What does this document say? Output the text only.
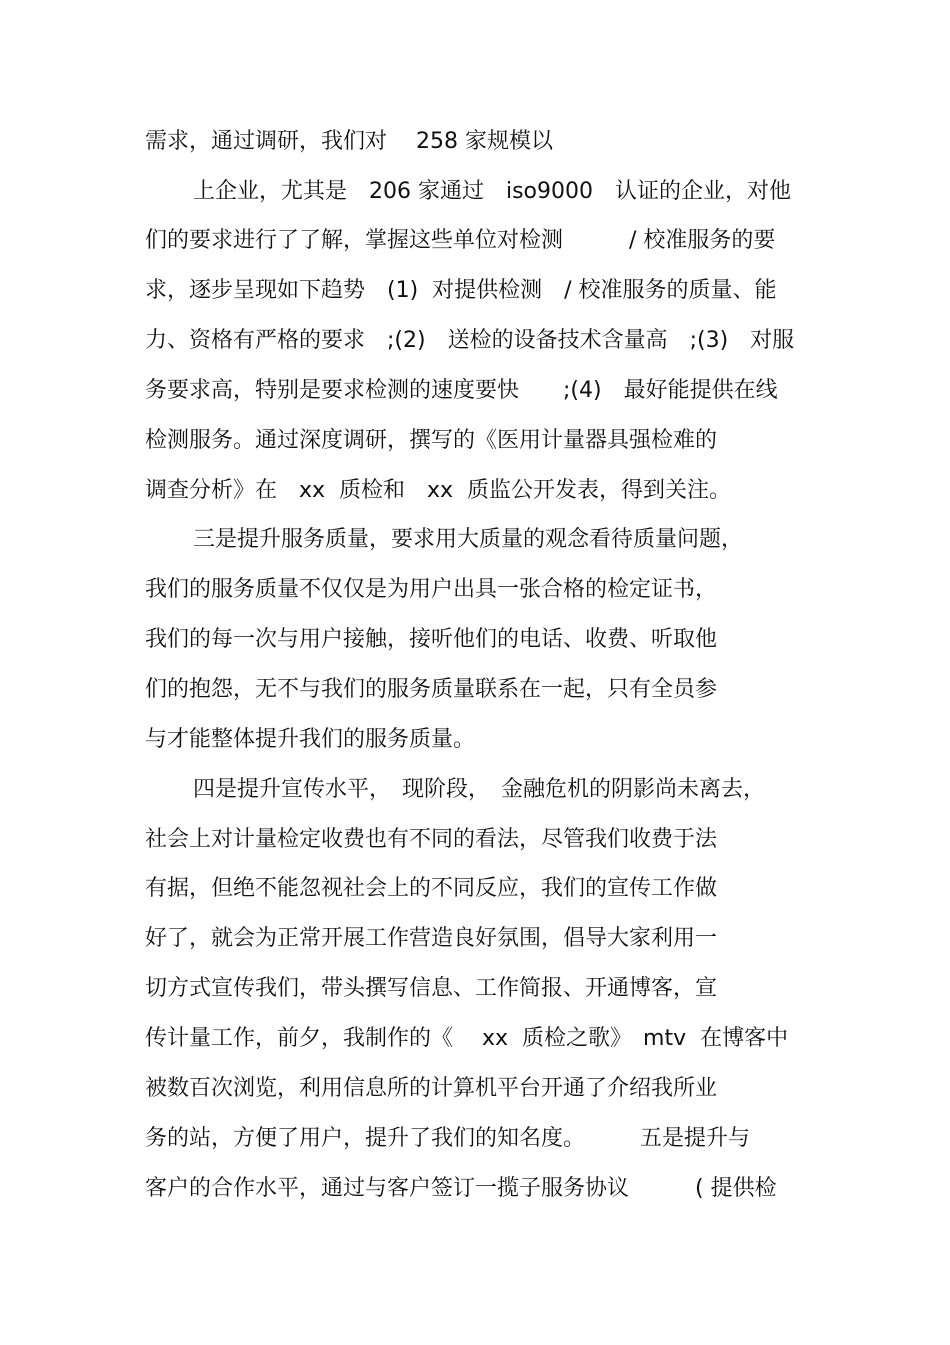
需求，通过调研，我们对　 258 家规模以
上企业，尤其是　206 家通过　iso9000　认证的企业，对他
们的要求进行了了解，掌握这些单位对检测　　　/ 校准服务的要
求，逐步呈现如下趋势　(1)  对提供检测　/ 校准服务的质量、能
力、资格有严格的要求　;(2)　送检的设备技术含量高　;(3)　对服
务要求高，特别是要求检测的速度要快　　;(4)　最好能提供在线
检测服务。通过深度调研，撰写的《医用计量器具强检难的
调查分析》在　xx  质检和　xx  质监公开发表，得到关注。
三是提升服务质量，要求用大质量的观念看待质量问题，
我们的服务质量不仅仅是为用户出具一张合格的检定证书，
我们的每一次与用户接触，接听他们的电话、收费、听取他
们的抱怨，无不与我们的服务质量联系在一起，只有全员参
与才能整体提升我们的服务质量。
四是提升宣传水平，　现阶段，　金融危机的阴影尚未离去，
社会上对计量检定收费也有不同的看法，尽管我们收费于法
有据，但绝不能忽视社会上的不同反应，我们的宣传工作做
好了，就会为正常开展工作营造良好氛围，倡导大家利用一
切方式宣传我们，带头撰写信息、工作简报、开通博客，宣
传计量工作，前夕，我制作的《　 xx  质检之歌》　mtv  在博客中
被数百次浏览，利用信息所的计算机平台开通了介绍我所业
务的站，方便了用户，提升了我们的知名度。　　　五是提升与
客户的合作水平，通过与客户签订一揽子服务协议　　　( 提供检
